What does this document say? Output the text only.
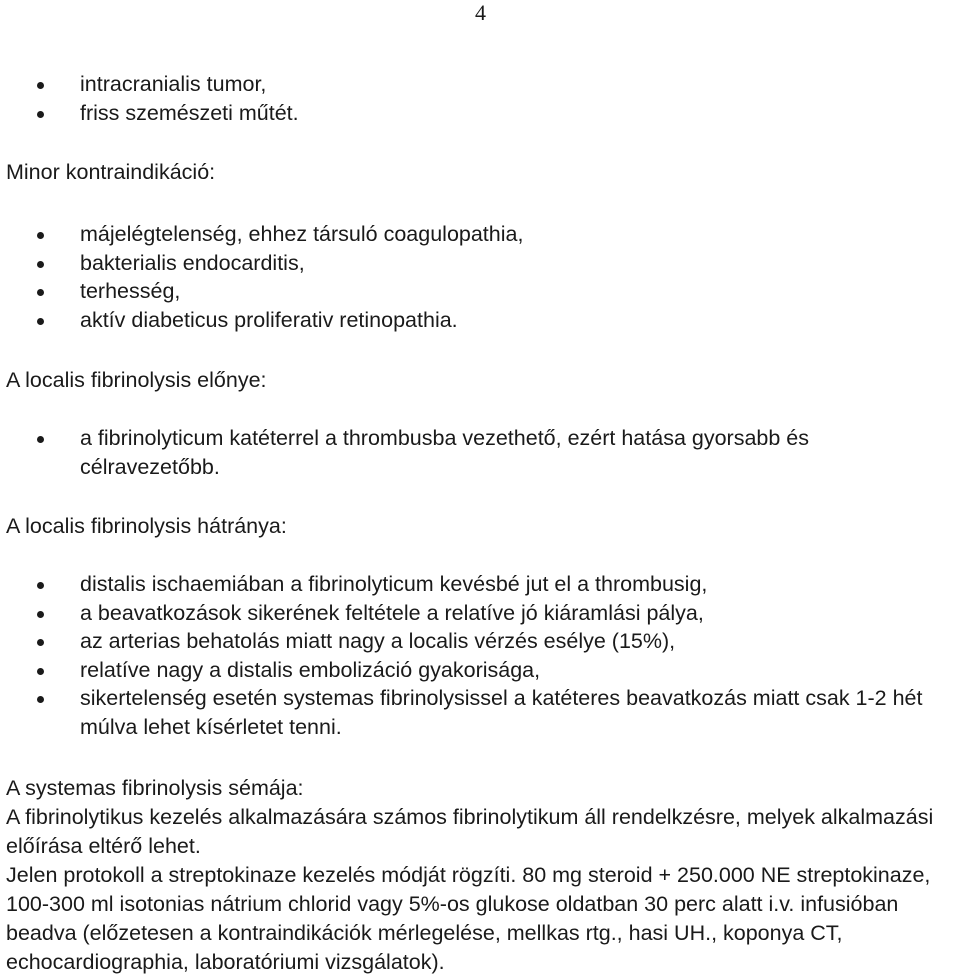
4
intracranialis tumor,
friss szemészeti műtét.
Minor kontraindikáció:
májelégtelenség, ehhez társuló coagulopathia,
bakterialis endocarditis,
terhesség,
aktív diabeticus proliferativ retinopathia.
A localis fibrinolysis előnye:
a fibrinolyticum katéterrel a thrombusba vezethető, ezért hatása gyorsabb és célravezetőbb.
A localis fibrinolysis hátránya:
distalis ischaemiában a fibrinolyticum kevésbé jut el a thrombusig,
a beavatkozások sikerének feltétele a relatíve jó kiáramlási pálya,
az arterias behatolás miatt nagy a localis vérzés esélye (15%),
relatíve nagy a distalis embolizáció gyakorisága,
sikertelenség esetén systemas fibrinolysissel a katéteres beavatkozás miatt csak 1-2 hét múlva lehet kísérletet tenni.
A systemas fibrinolysis sémája:

A fibrinolytikus kezelés alkalmazására számos fibrinolytikum áll rendelkzésre, melyek alkalmazási előírása eltérő lehet.

Jelen protokoll a streptokinaze kezelés módját rögzíti. 80 mg steroid + 250.000 NE streptokinaze, 100-300 ml isotonias nátrium chlorid vagy 5%-os glukose oldatban 30 perc alatt i.v. infusióban beadva (előzetesen a kontraindikációk mérlegelése, mellkas rtg., hasi UH., koponya CT, echocardiographia, laboratóriumi vizsgálatok).
